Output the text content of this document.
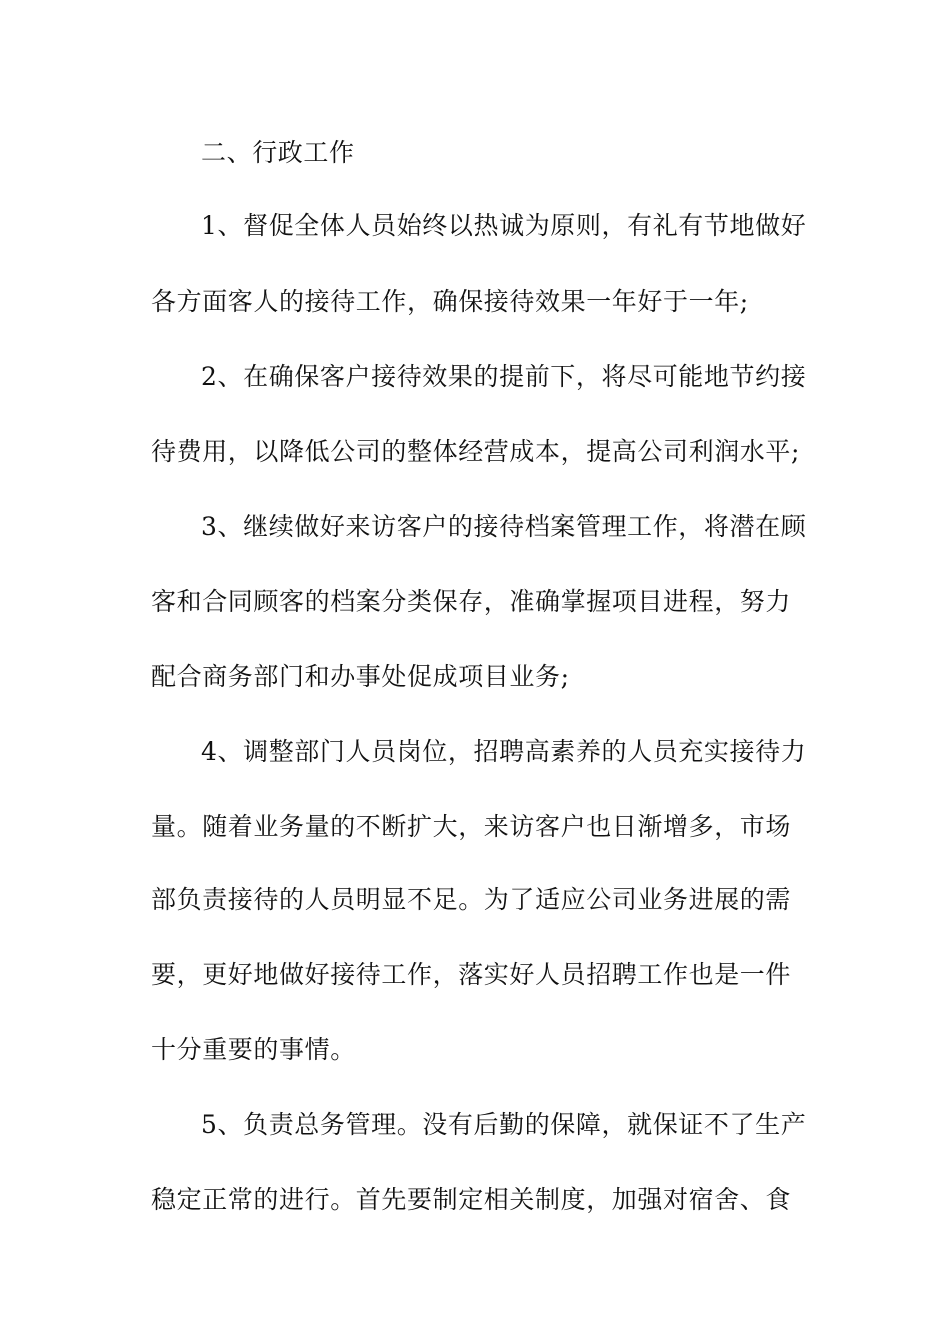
二、行政工作
1、督促全体人员始终以热诚为原则，有礼有节地做好
各方面客人的接待工作，确保接待效果一年好于一年;
2、在确保客户接待效果的提前下，将尽可能地节约接
待费用，以降低公司的整体经营成本，提高公司利润水平;
3、继续做好来访客户的接待档案管理工作，将潜在顾
客和合同顾客的档案分类保存，准确掌握项目进程，努力
配合商务部门和办事处促成项目业务;
4、调整部门人员岗位，招聘高素养的人员充实接待力
量。随着业务量的不断扩大，来访客户也日渐增多，市场
部负责接待的人员明显不足。为了适应公司业务进展的需
要，更好地做好接待工作，落实好人员招聘工作也是一件
十分重要的事情。
5、负责总务管理。没有后勤的保障，就保证不了生产
稳定正常的进行。首先要制定相关制度，加强对宿舍、食
